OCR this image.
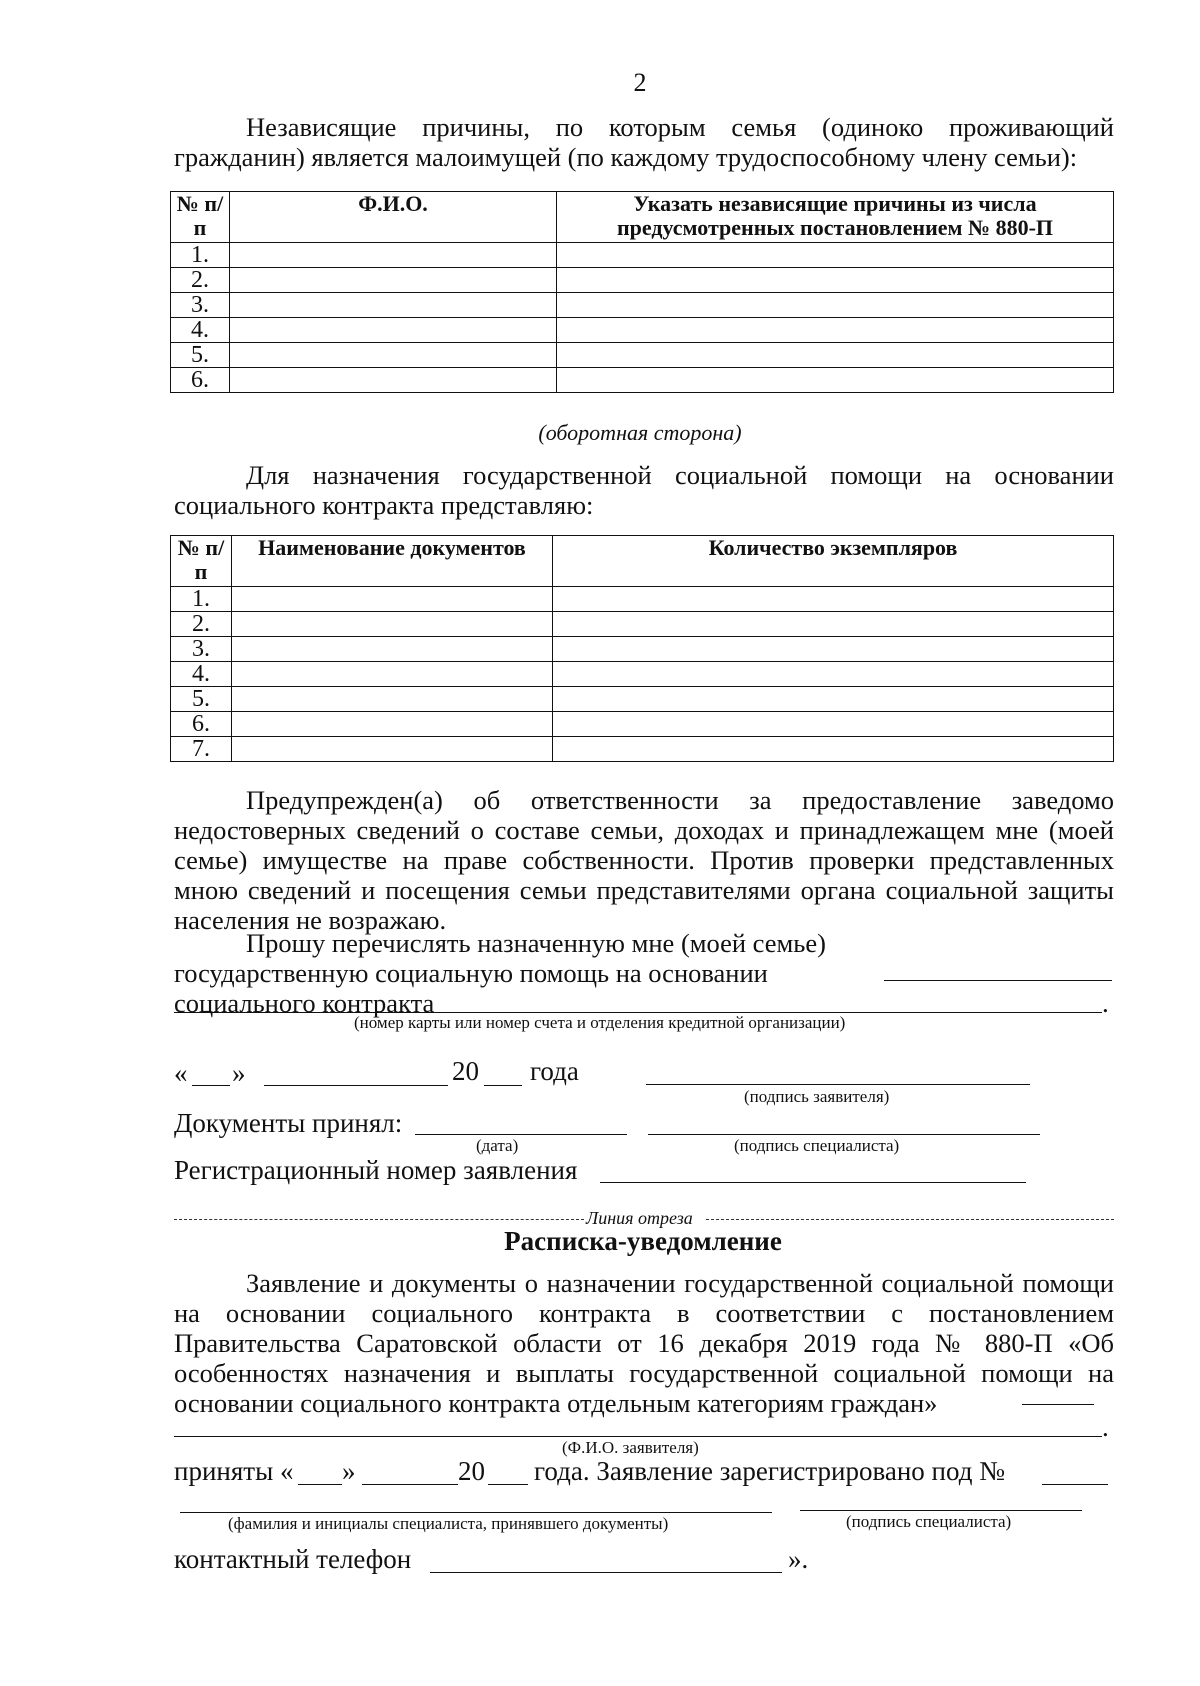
2
Независящие причины, по которым семья (одиноко проживающий гражданин) является малоимущей (по каждому трудоспособному члену семьи):
№ п/п	Ф.И.О.	Указать независящие причины из числа предусмотренных постановлением № 880-П
1.		
2.		
3.		
4.		
5.		
6.		
(оборотная сторона)
Для назначения государственной социальной помощи на основании социального контракта представляю:
№ п/п	Наименование документов	Количество экземпляров
1.		
2.		
3.		
4.		
5.		
6.		
7.		
Предупрежден(а) об ответственности за предоставление заведомо недостоверных сведений о составе семьи, доходах и принадлежащем мне (моей семье) имуществе на праве собственности. Против проверки представленных мною сведений и посещения семьи представителями органа социальной защиты населения не возражаю.
Прошу перечислять назначенную мне (моей семье) государственную социальную помощь на основании социального контракта	.
(номер карты или номер счета и отделения кредитной организации)
« »	20 года
(подпись заявителя)
Документы принял:
(дата)	(подпись специалиста)
Регистрационный номер заявления
Линия отреза
Расписка-уведомление
Заявление и документы о назначении государственной социальной помощи на основании социального контракта в соответствии с постановлением Правительства Саратовской области от 16 декабря 2019 года № 880-П «Об особенностях назначения и выплаты государственной социальной помощи на основании социального контракта отдельным категориям граждан»
.
(Ф.И.О. заявителя)
приняты « »	20 года. Заявление зарегистрировано под №
(фамилия и инициалы специалиста, принявшего документы)	(подпись специалиста)
контактный телефон	».
